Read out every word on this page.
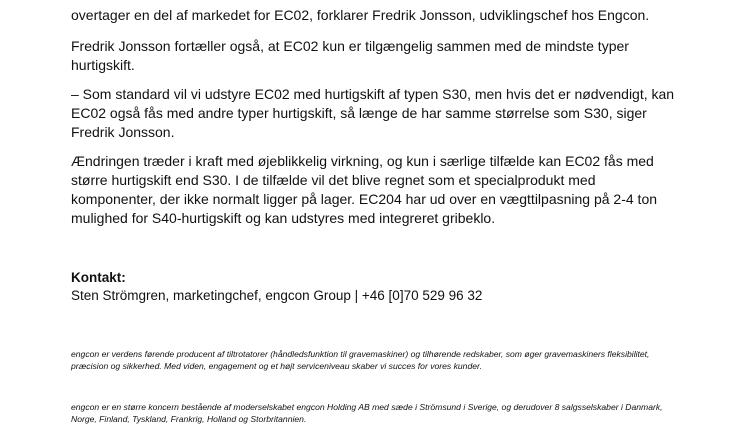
overtager en del af markedet for EC02, forklarer Fredrik Jonsson, udviklingschef hos Engcon.

Fredrik Jonsson fortæller også, at EC02 kun er tilgængelig sammen med de mindste typer hurtigskift.

– Som standard vil vi udstyre EC02 med hurtigskift af typen S30, men hvis det er nødvendigt, kan EC02 også fås med andre typer hurtigskift, så længe de har samme størrelse som S30, siger Fredrik Jonsson.

Ændringen træder i kraft med øjeblikkelig virkning, og kun i særlige tilfælde kan EC02 fås med større hurtigskift end S30. I de tilfælde vil det blive regnet som et specialprodukt med komponenter, der ikke normalt ligger på lager. EC204 har ud over en vægttilpasning på 2-4 ton mulighed for S40-hurtigskift og kan udstyres med integreret gribeklo.

Kontakt:

Sten Strömgren, marketingchef, engcon Group | +46 [0]70 529 96 32

engcon er verdens førende producent af tiltrotatorer (håndledsfunktion til gravemaskiner) og tilhørende redskaber, som øger gravemaskiners fleksibilitet, præcision og sikkerhed. Med viden, engagement og et højt serviceniveau skaber vi succes for vores kunder.

engcon er en større koncern bestående af moderselskabet engcon Holding AB med sæde i Strömsund i Sverige, og derudover 8 salgsselskaber i Danmark, Norge, Finland, Tyskland, Frankrig, Holland og Storbritannien.
